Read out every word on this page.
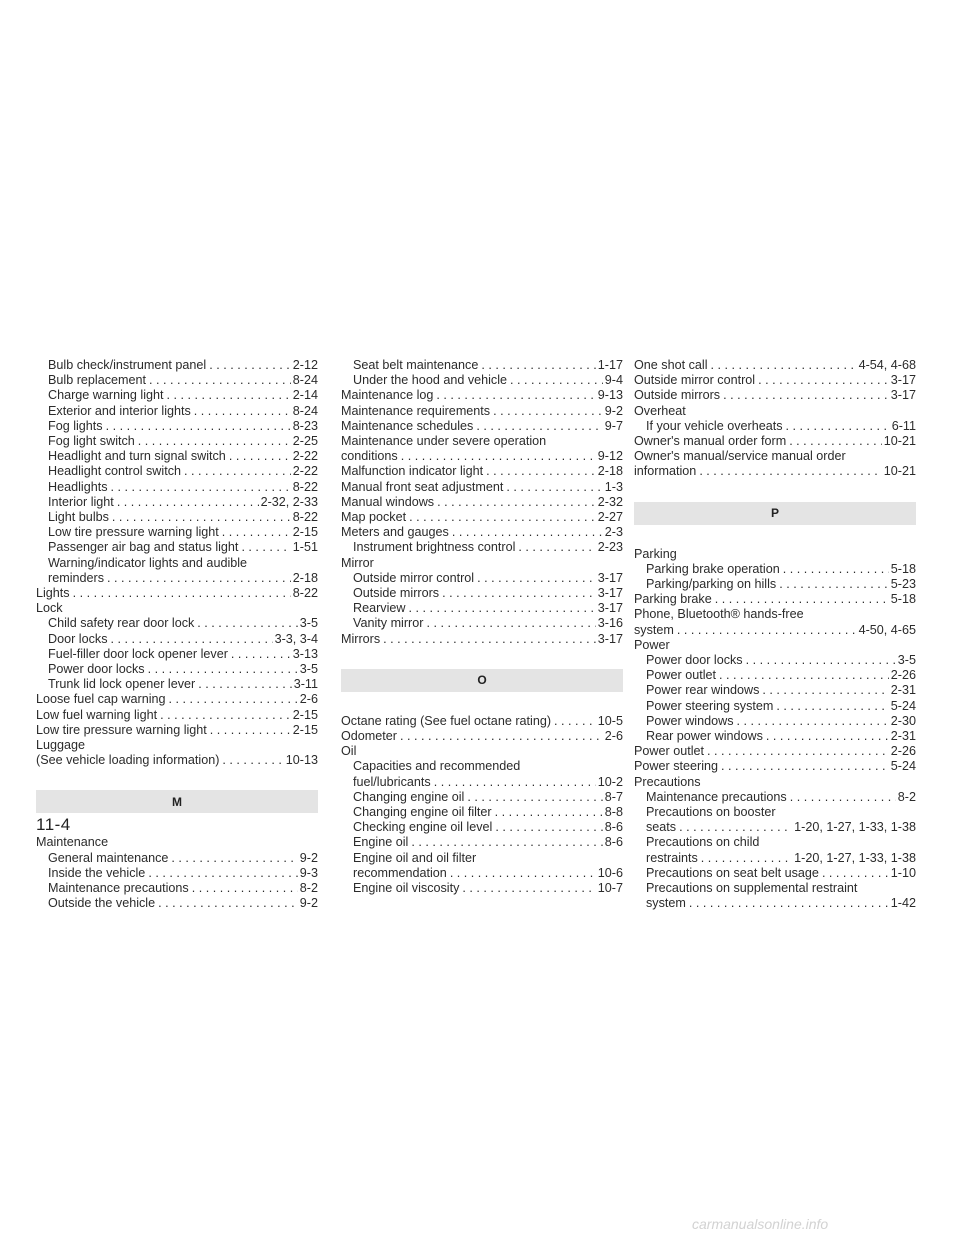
Bulb check/instrument panel . . .	2-12
Bulb replacement . . .	8-24
Charge warning light . . .	2-14
Exterior and interior lights . . .	8-24
Fog lights . . .	8-23
Fog light switch . . .	2-25
Headlight and turn signal switch . . .	2-22
Headlight control switch . . .	2-22
Headlights . . .	8-22
Interior light . . .	2-32, 2-33
Light bulbs . . .	8-22
Low tire pressure warning light . . .	2-15
Passenger air bag and status light . . .	1-51
Warning/indicator lights and audible
reminders . . .	2-18
Lights . . .	8-22
Lock
Child safety rear door lock . . .	3-5
Door locks . . .	3-3, 3-4
Fuel-filler door lock opener lever . . .	3-13
Power door locks . . .	3-5
Trunk lid lock opener lever . . .	3-11
Loose fuel cap warning . . .	2-6
Low fuel warning light . . .	2-15
Low tire pressure warning light . . .	2-15
Luggage
(See vehicle loading information) . . .	10-13
M
Maintenance
General maintenance . . .	9-2
Inside the vehicle . . .	9-3
Maintenance precautions . . .	8-2
Outside the vehicle . . .	9-2
Seat belt maintenance . . .	1-17
Under the hood and vehicle . . .	9-4
Maintenance log . . .	9-13
Maintenance requirements . . .	9-2
Maintenance schedules . . .	9-7
Maintenance under severe operation
conditions . . .	9-12
Malfunction indicator light . . .	2-18
Manual front seat adjustment . . .	1-3
Manual windows . . .	2-32
Map pocket . . .	2-27
Meters and gauges . . .	2-3
Instrument brightness control . . .	2-23
Mirror
Outside mirror control . . .	3-17
Outside mirrors . . .	3-17
Rearview . . .	3-17
Vanity mirror . . .	3-16
Mirrors . . .	3-17
O
Octane rating (See fuel octane rating) . . .	10-5
Odometer . . .	2-6
Oil
Capacities and recommended
fuel/lubricants . . .	10-2
Changing engine oil . . .	8-7
Changing engine oil filter . . .	8-8
Checking engine oil level . . .	8-6
Engine oil . . .	8-6
Engine oil and oil filter
recommendation . . .	10-6
Engine oil viscosity . . .	10-7
One shot call . . .	4-54, 4-68
Outside mirror control . . .	3-17
Outside mirrors . . .	3-17
Overheat
If your vehicle overheats . . .	6-11
Owner's manual order form . . .	10-21
Owner's manual/service manual order
information . . .	10-21
P
Parking
Parking brake operation . . .	5-18
Parking/parking on hills . . .	5-23
Parking brake . . .	5-18
Phone, Bluetooth® hands-free
system . . .	4-50, 4-65
Power
Power door locks . . .	3-5
Power outlet . . .	2-26
Power rear windows . . .	2-31
Power steering system . . .	5-24
Power windows . . .	2-30
Rear power windows . . .	2-31
Power outlet . . .	2-26
Power steering . . .	5-24
Precautions
Maintenance precautions . . .	8-2
Precautions on booster
seats . . .	1-20, 1-27, 1-33, 1-38
Precautions on child
restraints . . .	1-20, 1-27, 1-33, 1-38
Precautions on seat belt usage . . .	1-10
Precautions on supplemental restraint
system . . .	1-42
11-4
carmanualsonline.info
